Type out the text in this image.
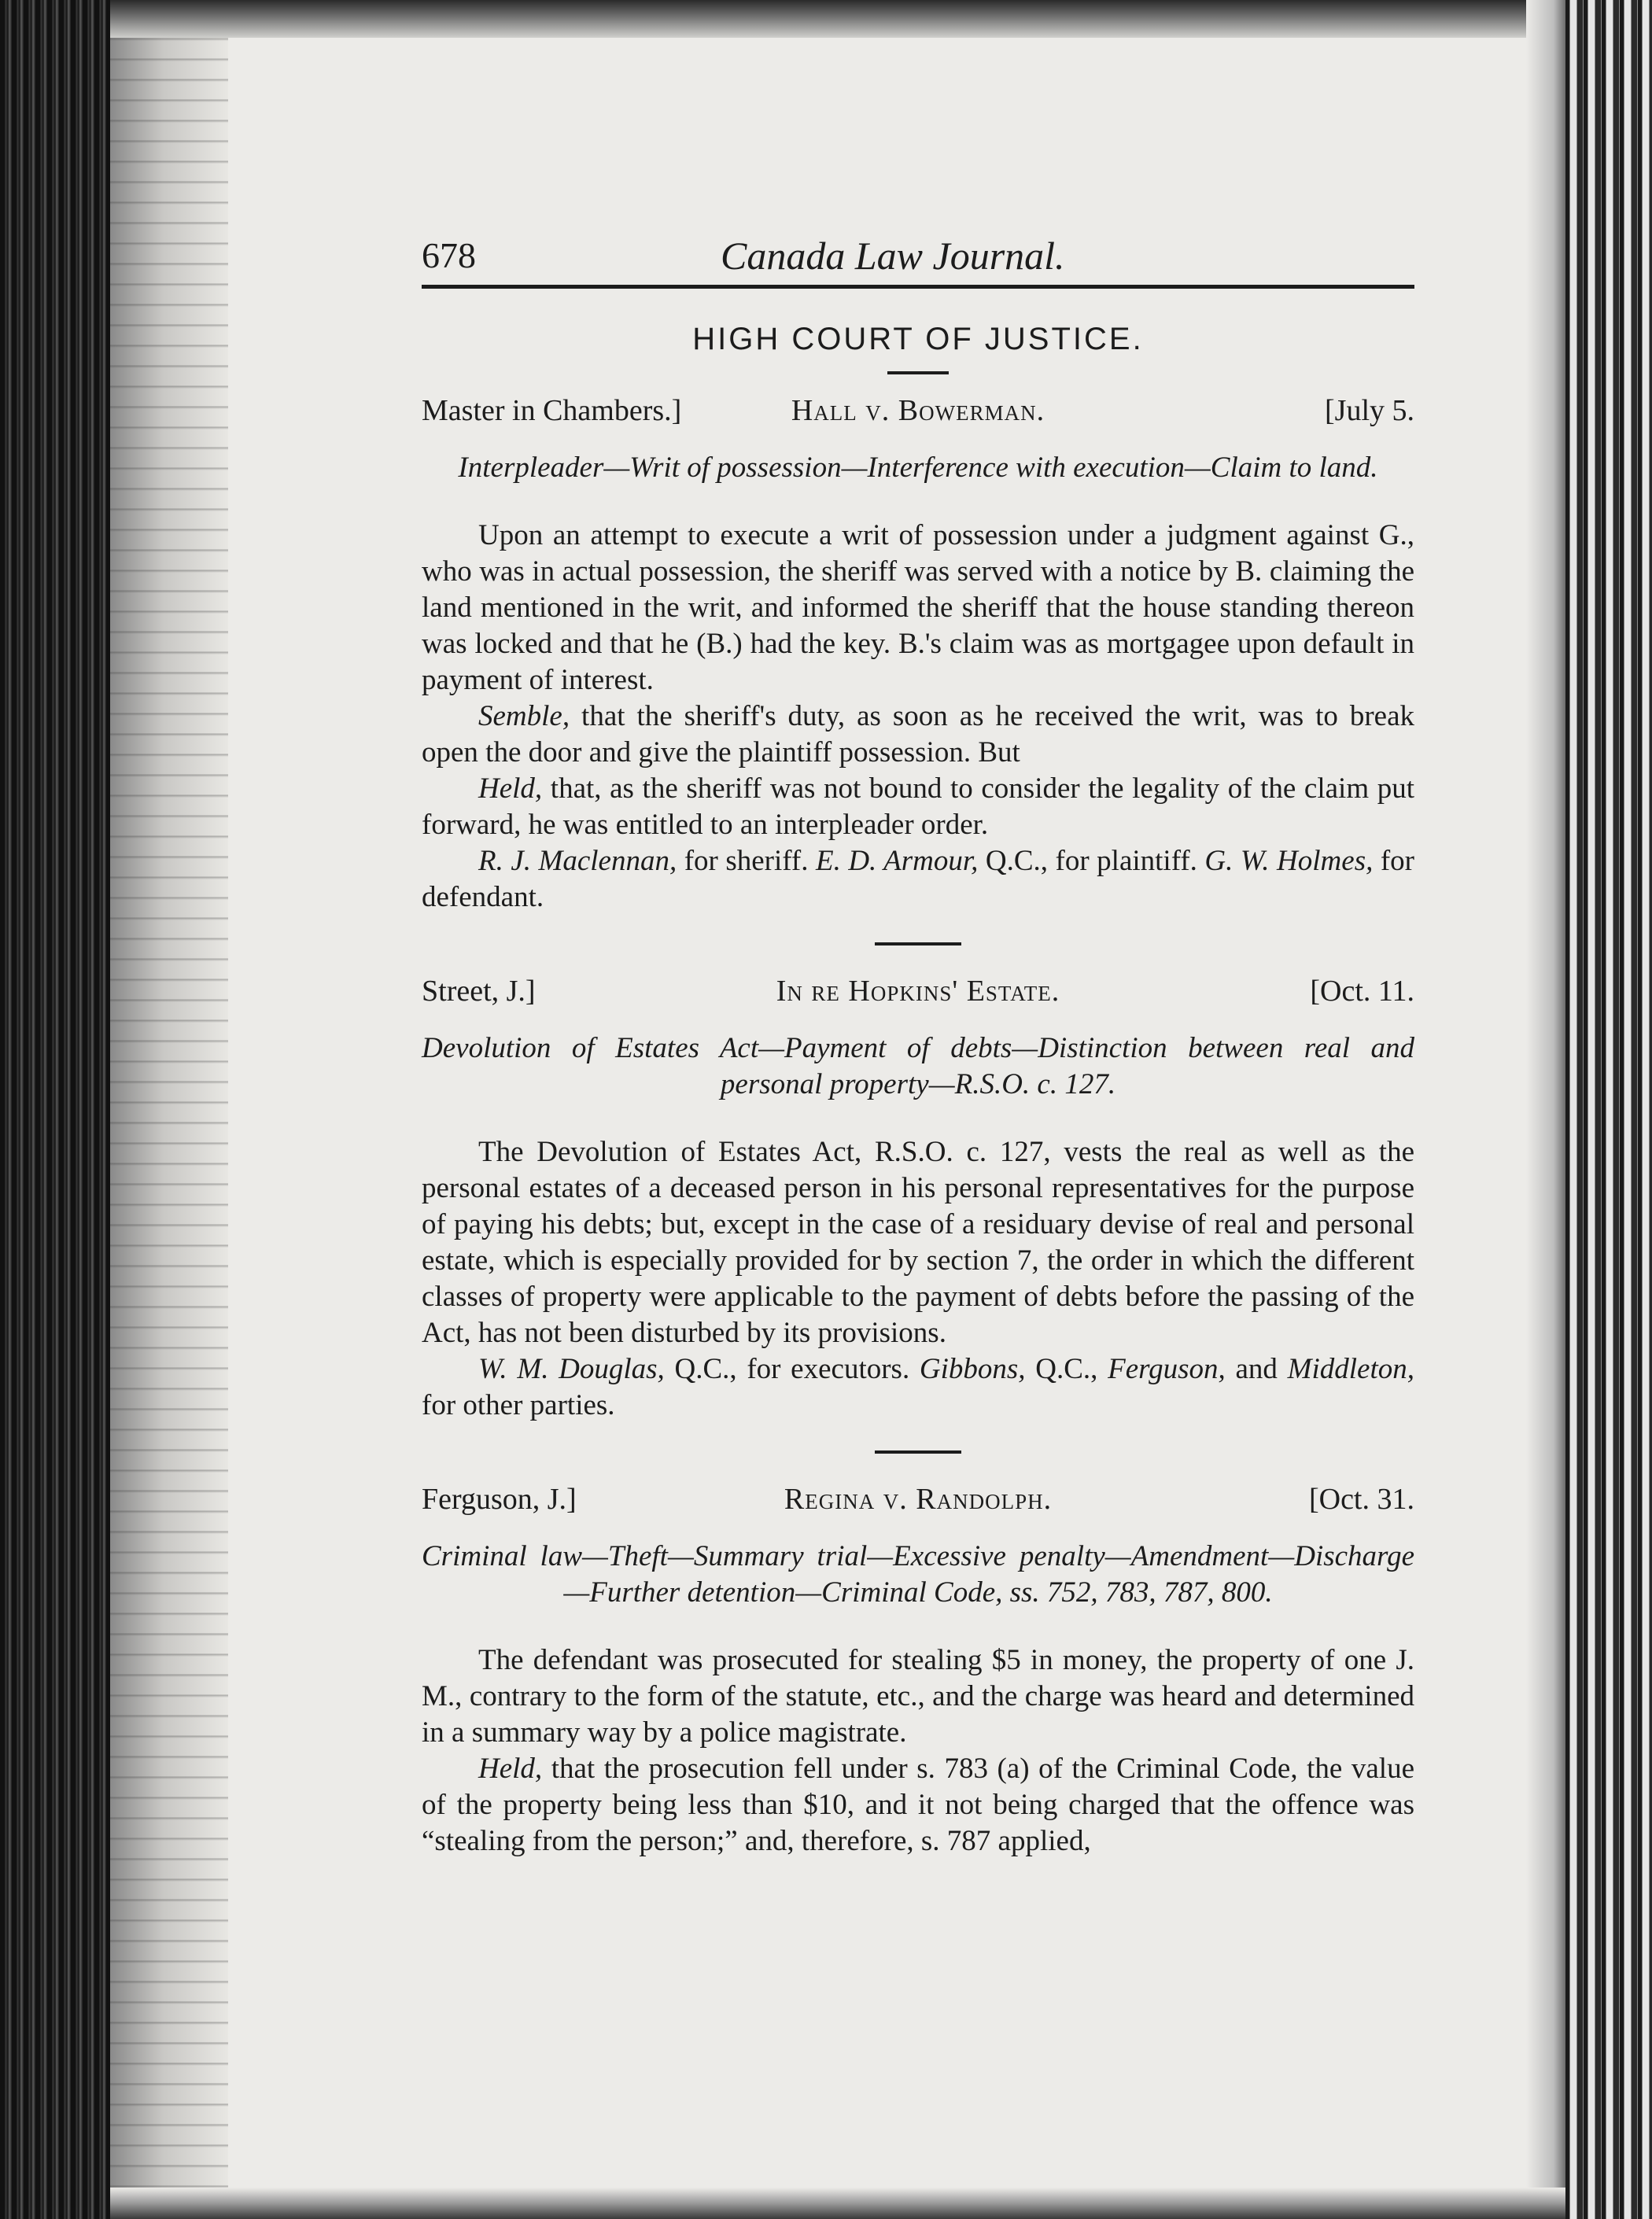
678	Canada Law Journal.
HIGH COURT OF JUSTICE.
Master in Chambers.]	Hall v. Bowerman.	[July 5.
Interpleader—Writ of possession—Interference with execution—Claim to land.

Upon an attempt to execute a writ of possession under a judgment against G., who was in actual possession, the sheriff was served with a notice by B. claiming the land mentioned in the writ, and informed the sheriff that the house standing thereon was locked and that he (B.) had the key. B.'s claim was as mortgagee upon default in payment of interest.

Semble, that the sheriff's duty, as soon as he received the writ, was to break open the door and give the plaintiff possession. But

Held, that, as the sheriff was not bound to consider the legality of the claim put forward, he was entitled to an interpleader order.

R. J. Maclennan, for sheriff. E. D. Armour, Q.C., for plaintiff. G. W. Holmes, for defendant.

Street, J.]	In re Hopkins' Estate.	[Oct. 11.
Devolution of Estates Act—Payment of debts—Distinction between real and personal property—R.S.O. c. 127.

The Devolution of Estates Act, R.S.O. c. 127, vests the real as well as the personal estates of a deceased person in his personal representatives for the purpose of paying his debts; but, except in the case of a residuary devise of real and personal estate, which is especially provided for by section 7, the order in which the different classes of property were applicable to the payment of debts before the passing of the Act, has not been disturbed by its provisions.

W. M. Douglas, Q.C., for executors. Gibbons, Q.C., Ferguson, and Middleton, for other parties.

Ferguson, J.]	Regina v. Randolph.	[Oct. 31.
Criminal law—Theft—Summary trial—Excessive penalty—Amendment—Discharge—Further detention—Criminal Code, ss. 752, 783, 787, 800.

The defendant was prosecuted for stealing $5 in money, the property of one J. M., contrary to the form of the statute, etc., and the charge was heard and determined in a summary way by a police magistrate.

Held, that the prosecution fell under s. 783 (a) of the Criminal Code, the value of the property being less than $10, and it not being charged that the offence was “stealing from the person;” and, therefore, s. 787 applied,
